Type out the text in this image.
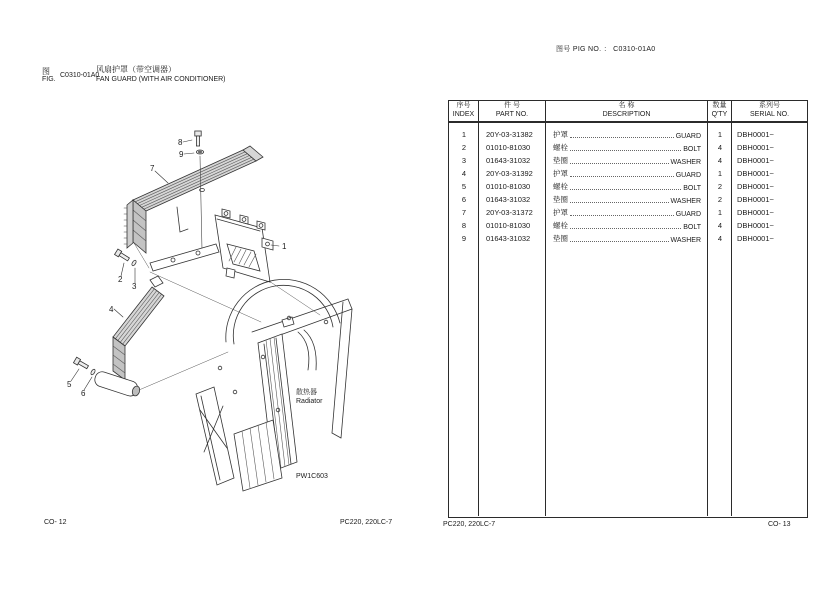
图
FIG.
C0310-01A0
风扇护罩（带空调器）
FAN GUARD (WITH AIR CONDITIONER)
图号 PIG NO. ： C0310-01A0
8
9
7
1
2
3
4
5
6	散热器
Radiator
PW1C603
序号
INDEX
件 号
PART NO.
名 称
DESCRIPTION
数量
Q'TY
系列号
SERIAL NO.
1	20Y-03-31382	护罩	GUARD	1	DBH0001~
2	01010-81030	螺栓	BOLT	4	DBH0001~
3	01643-31032	垫圈	WASHER	4	DBH0001~
4	20Y-03-31392	护罩	GUARD	1	DBH0001~
5	01010-81030	螺栓	BOLT	2	DBH0001~
6	01643-31032	垫圈	WASHER	2	DBH0001~
7	20Y-03-31372	护罩	GUARD	1	DBH0001~
8	01010-81030	螺栓	BOLT	4	DBH0001~
9	01643-31032	垫圈	WASHER	4	DBH0001~
CO- 12	PC220, 220LC-7	PC220, 220LC-7	CO- 13
